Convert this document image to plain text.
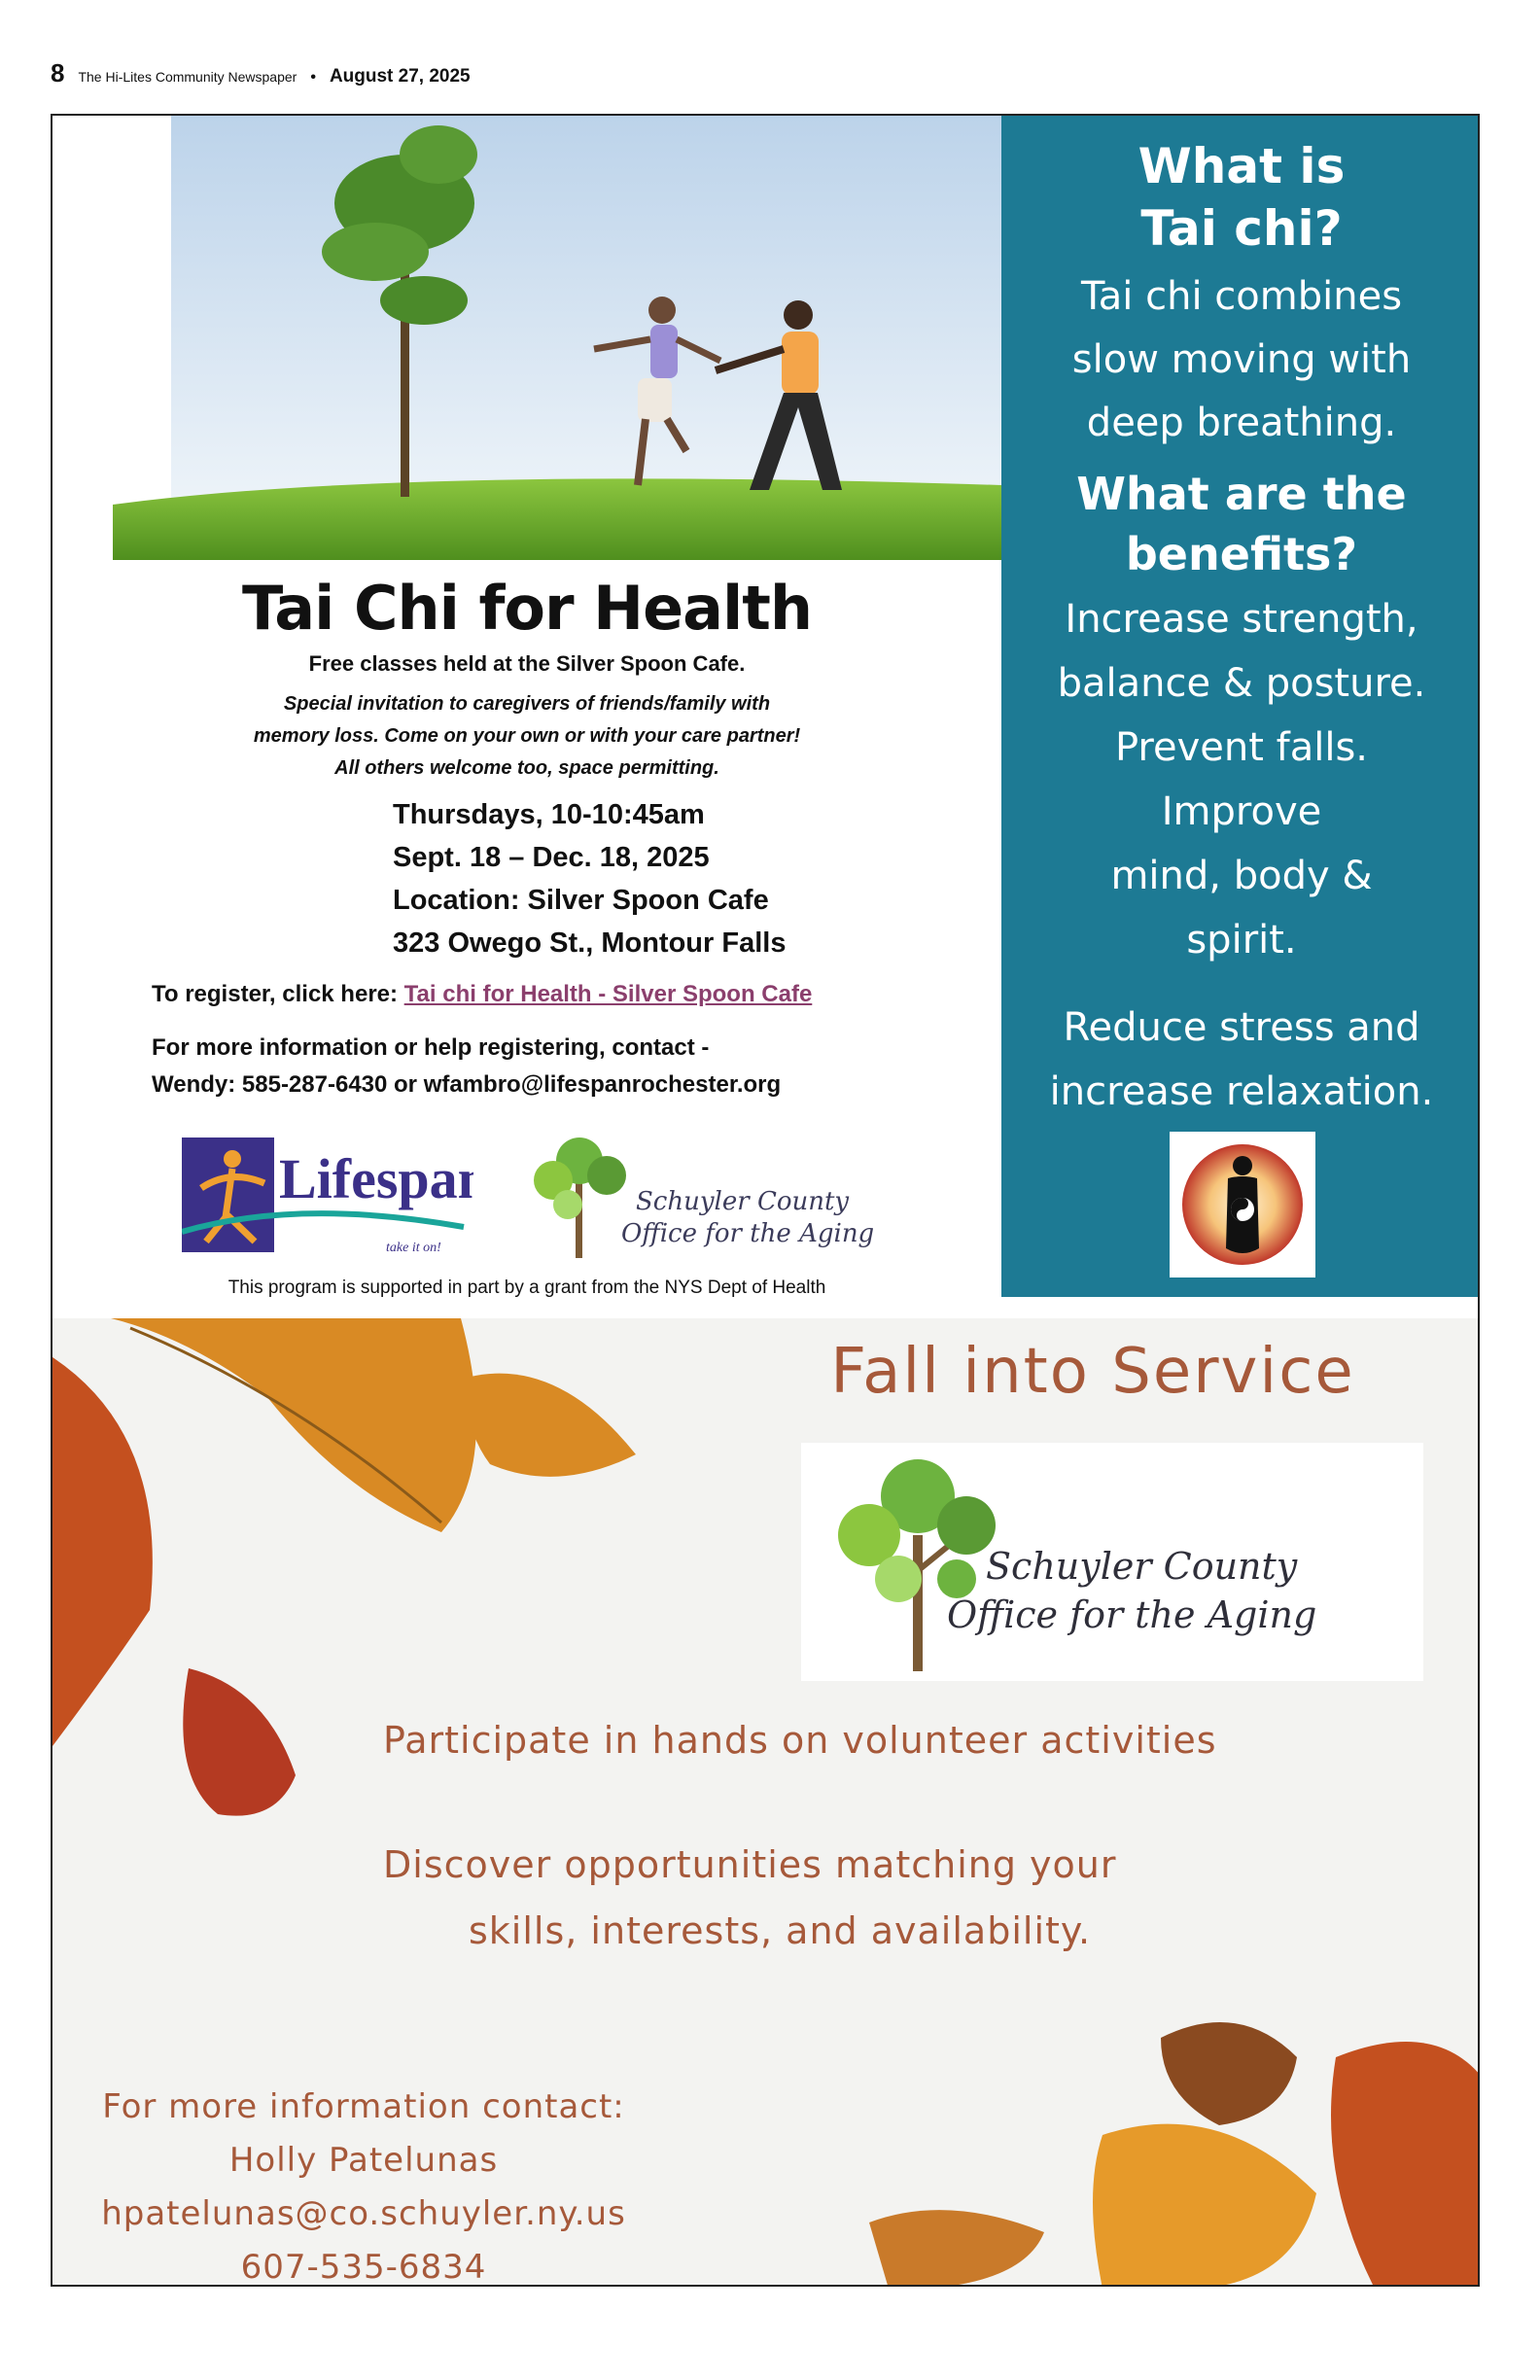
8 The Hi-Lites Community Newspaper • August 27, 2025
Tai Chi for Health
Free classes held at the Silver Spoon Cafe.
Special invitation to caregivers of friends/family with
memory loss. Come on your own or with your care partner!
All others welcome too, space permitting.
Thursdays, 10-10:45am
Sept. 18 – Dec. 18, 2025
Location: Silver Spoon Cafe
323 Owego St., Montour Falls
To register, click here: Tai chi for Health - Silver Spoon Cafe
For more information or help registering, contact -
Wendy: 585-287-6430 or wfambro@lifespanrochester.org
Lifespan
take it on!
Schuyler County
Office for the Aging
This program is supported in part by a grant from the NYS Dept of Health
What is
Tai chi?
Tai chi combines
slow moving with
deep breathing.
What are the
benefits?
Increase strength,
balance & posture.
Prevent falls.
Improve
mind, body &
spirit.
Reduce stress and
increase relaxation.
Fall into Service
Schuyler County
Office for the Aging
Participate in hands on volunteer activities
Discover opportunities matching your
skills, interests, and availability.
For more information contact:
Holly Patelunas
hpatelunas@co.schuyler.ny.us
607-535-6834
